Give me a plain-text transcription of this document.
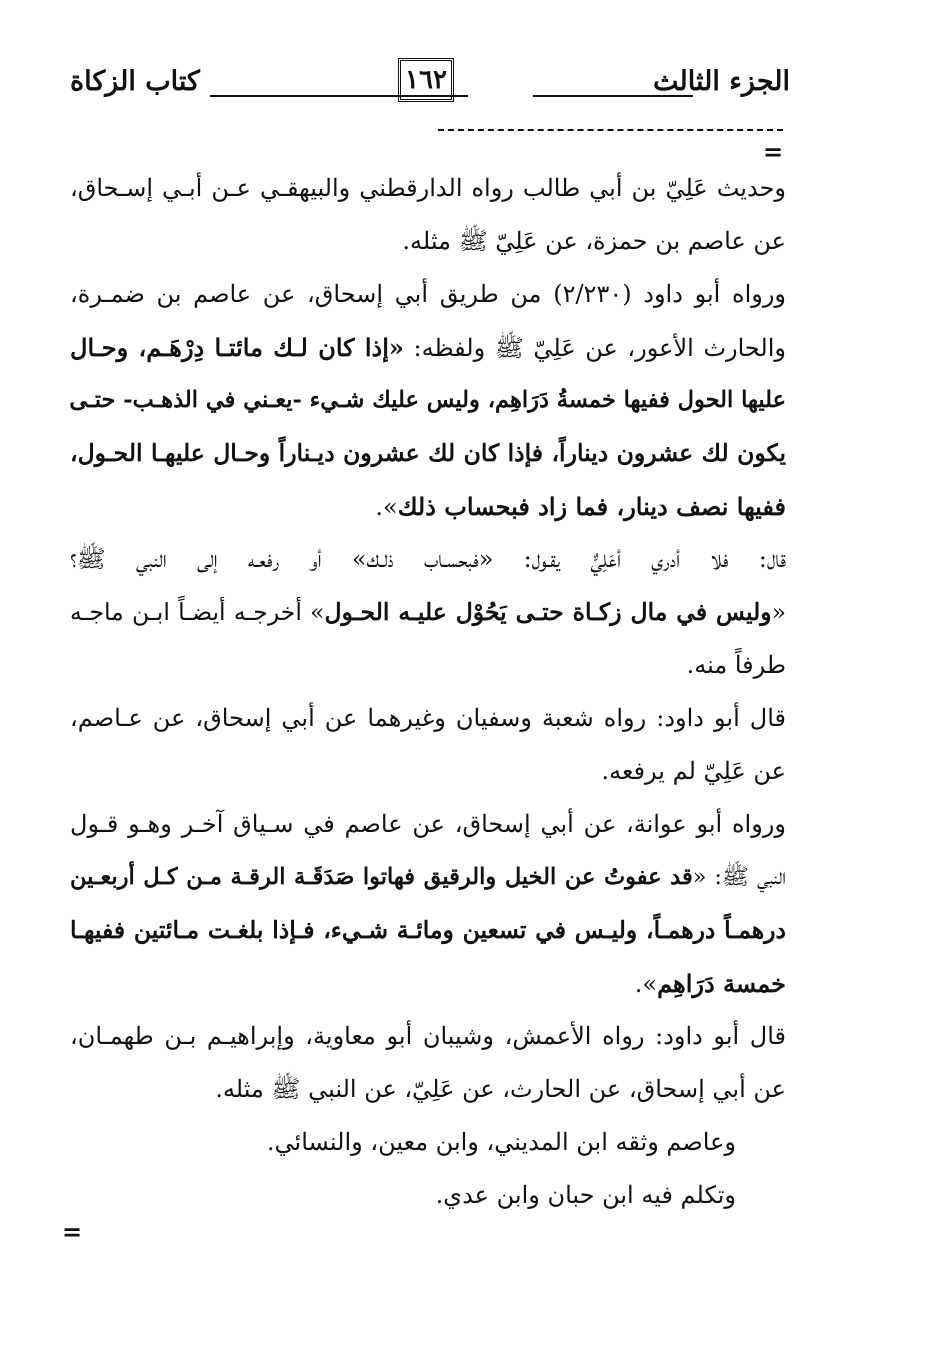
الجزء الثالث
١٦٢
كتاب الزكاة
=
وحديث عَلِيّ بن أبي طالب رواه الدارقطني والبيهقـي عـن أبـي إسـحاق،
عن عاصم بن حمزة، عن عَلِيّ ﷺ مثله.
ورواه أبو داود (٢/٢٣٠) من طريق أبي إسحاق، عن عاصم بن ضمـرة،
والحارث الأعور، عن عَلِيّ ﷺ ولفظه: «إذا كان لـك مائتـا دِرْهَـم، وحـال
عليها الحول ففيها خمسةُ دَرَاهِم، وليس عليك شـيء -يعـني في الذهـب- حتـى
يكون لك عشرون ديناراً، فإذا كان لك عشرون ديـناراً وحـال عليهـا الحـول،
ففيها نصف دينار، فما زاد فبحساب ذلك».
قال: فلا أدري أعَلِيٌّ يقـول: «فبحسـاب ذلـك» أو رفعـه إلى النبي ﷺ؟
«وليس في مال زكـاة حتـى يَحُوْل عليـه الحـول» أخرجـه أيضـاً ابـن ماجـه
طرفاً منه.
قال أبو داود: رواه شعبة وسفيان وغيرهما عن أبي إسحاق، عن عـاصم،
عن عَلِيّ لم يرفعه.
ورواه أبو عوانة، عن أبي إسحاق، عن عاصم في سـياق آخـر وهـو قـول
النبي ﷺ: «قد عفوتُ عن الخيل والرقيق فهاتوا صَدَقَـة الرقـة مـن كـل أربعـين
درهمـاً درهمـاً، وليـس في تسعين ومائـة شـيء، فـإذا بلغـت مـائتين ففيهـا
خمسة دَرَاهِم».
قال أبو داود: رواه الأعمش، وشيبان أبو معاوية، وإبراهيـم بـن طهمـان،
عن أبي إسحاق، عن الحارث، عن عَلِيّ، عن النبي ﷺ مثله.
وعاصم وثقه ابن المديني، وابن معين، والنسائي.
وتكلم فيه ابن حبان وابن عدي.
=
